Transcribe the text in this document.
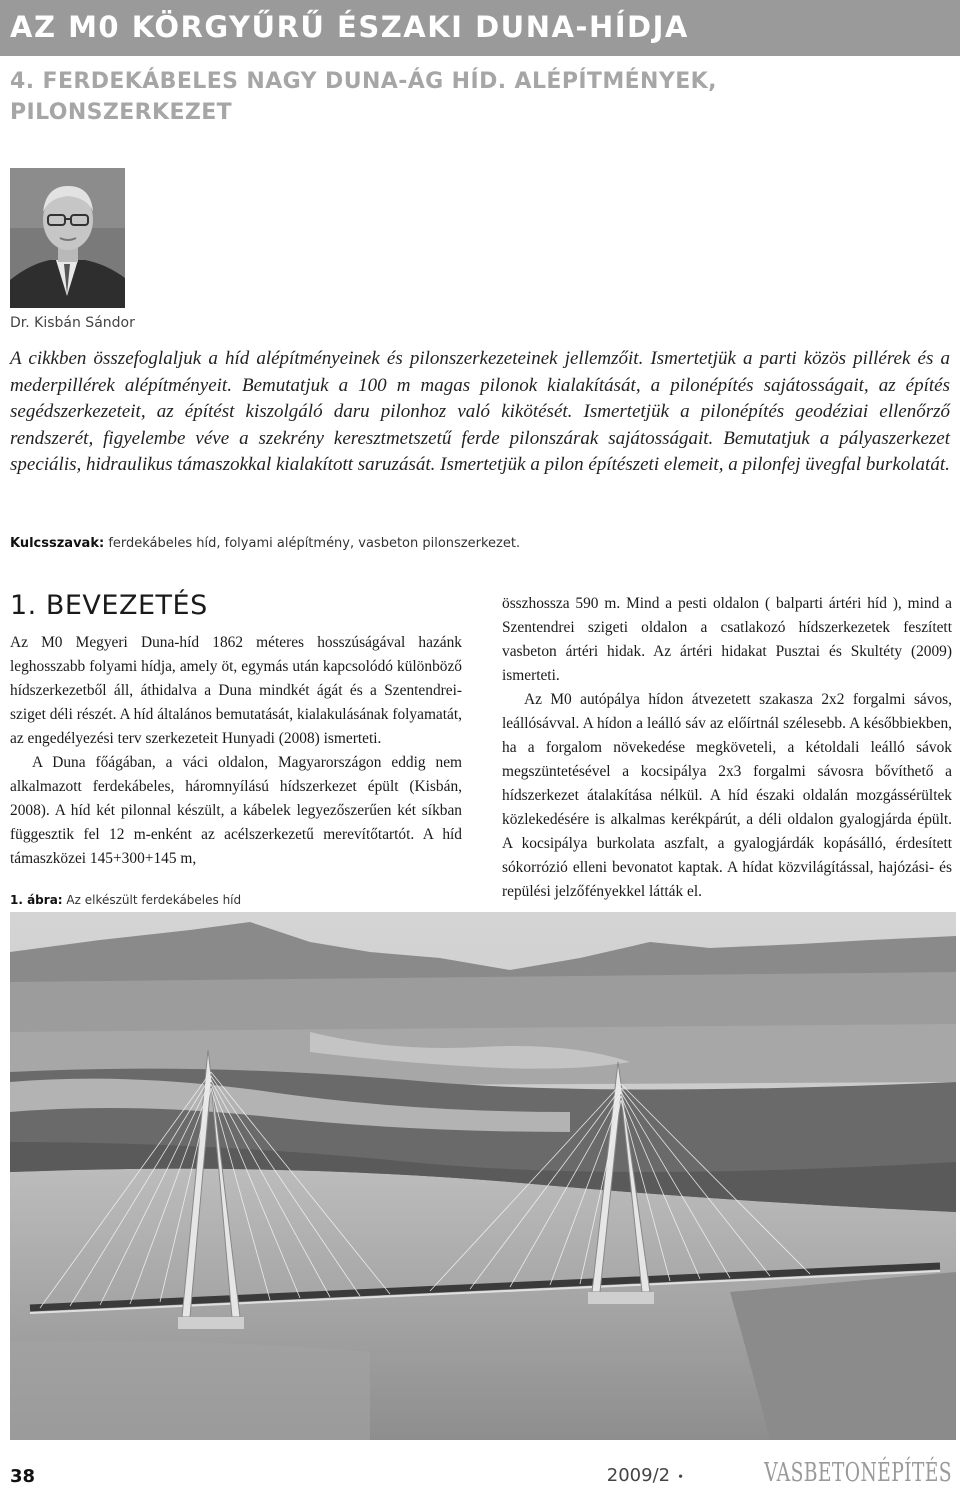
AZ M0 KÖRGYŰRŰ ÉSZAKI DUNA-HÍDJA
4. FERDEKÁBELES NAGY DUNA-ÁG HÍD. ALÉPÍTMÉNYEK, PILONSZERKEZET
Dr. Kisbán Sándor
A cikkben összefoglaljuk a híd alépítményeinek és pilonszerkezeteinek jellemzőit. Ismertetjük a parti közös pillérek és a mederpillérek alépítményeit. Bemutatjuk a 100 m magas pilonok kialakítását, a pilonépítés sajátosságait, az építés segédszerkezeteit, az építést kiszolgáló daru pilonhoz való kikötését. Ismertetjük a pilonépítés geodéziai ellenőrző rendszerét, figyelembe véve a szekrény keresztmetszetű ferde pilonszárak sajátosságait. Bemutatjuk a pályaszerkezet speciális, hidraulikus támaszokkal kialakított saruzását. Ismertetjük a pilon építészeti elemeit, a pilonfej üvegfal burkolatát.
Kulcsszavak: ferdekábeles híd, folyami alépítmény, vasbeton pilonszerkezet.
1. BEVEZETÉS

Az M0 Megyeri Duna-híd 1862 méteres hosszúságával hazánk leghosszabb folyami hídja, amely öt, egymás után kapcsolódó különböző hídszerkezetből áll, áthidalva a Duna mindkét ágát és a Szentendrei-sziget déli részét. A híd általános bemutatását, kialakulásának folyamatát, az engedélyezési terv szerkezeteit Hunyadi (2008) ismerteti.

A Duna főágában, a váci oldalon, Magyarországon eddig nem alkalmazott ferdekábeles, háromnyílású hídszerkezet épült (Kisbán, 2008). A híd két pilonnal készült, a kábelek legyezőszerűen két síkban függesztik fel 12 m-enként az acélszerkezetű merevítőtartót. A híd támaszközei 145+300+145 m,

összhossza 590 m. Mind a pesti oldalon ( balparti ártéri híd ), mind a Szentendrei szigeti oldalon a csatlakozó hídszerkezetek feszített vasbeton ártéri hidak. Az ártéri hidakat Pusztai és Skultéty (2009) ismerteti.

Az M0 autópálya hídon átvezetett szakasza 2x2 forgalmi sávos, leállósávval. A hídon a leálló sáv az előírtnál szélesebb. A későbbiekben, ha a forgalom növekedése megköveteli, a kétoldali leálló sávok megszüntetésével a kocsipálya 2x3 forgalmi sávosra bővíthető a hídszerkezet átalakítása nélkül. A híd északi oldalán mozgássérültek közlekedésére is alkalmas kerékpárút, a déli oldalon gyalogjárda épült. A kocsipálya burkolata aszfalt, a gyalogjárdák kopásálló, érdesített sókorrózió elleni bevonatot kaptak. A hídat közvilágítással, hajózási- és repülési jelzőfényekkel látták el.

1. ábra: Az elkészült ferdekábeles híd
38	2009/2 •	VASBETONÉPÍTÉS
